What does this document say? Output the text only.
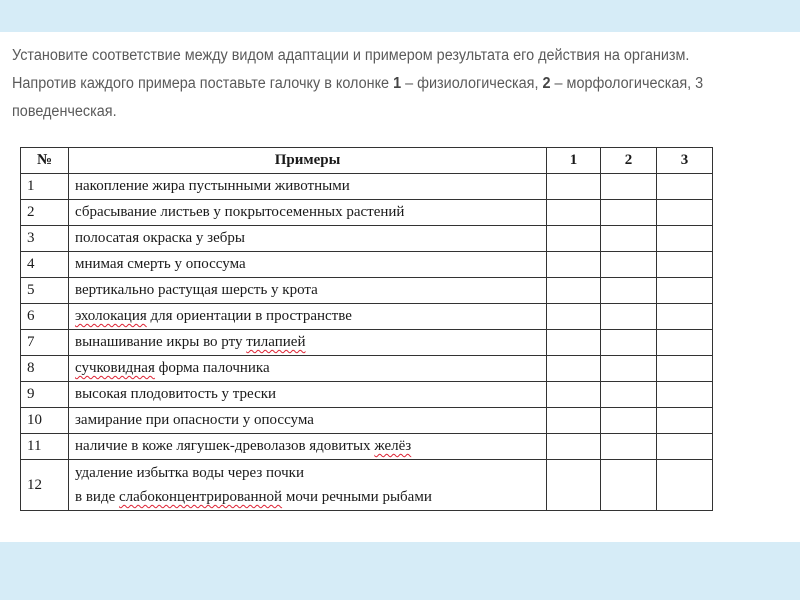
Установите соответствие между видом адаптации и примером результата его действия на организм.
Напротив каждого примера поставьте галочку в колонке 1 – физиологическая, 2 – морфологическая, 3
поведенческая.
№	Примеры	1	2	3
1	накопление жира пустынными животными			
2	сбрасывание листьев у покрытосеменных растений			
3	полосатая окраска у зебры			
4	мнимая смерть у опоссума			
5	вертикально растущая шерсть у крота			
6	эхолокация для ориентации в пространстве			
7	вынашивание икры во рту тилапией			
8	сучковидная форма палочника			
9	высокая плодовитость у трески			
10	замирание при опасности у опоссума			
11	наличие в коже лягушек-древолазов ядовитых желёз			
12	удаление избытка воды через почки
в виде слабоконцентрированной мочи речными рыбами			
